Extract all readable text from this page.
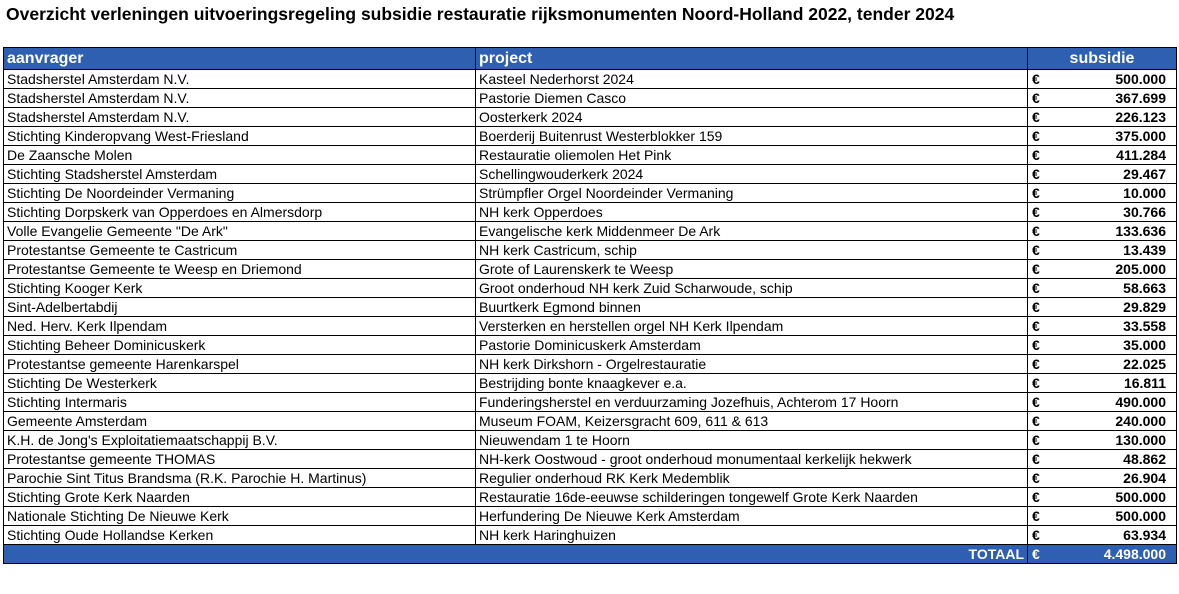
Overzicht verleningen uitvoeringsregeling subsidie restauratie rijksmonumenten Noord-Holland 2022, tender 2024
aanvrager	project	subsidie	
Stadsherstel Amsterdam N.V.	Kasteel Nederhorst 2024	€	500.000
Stadsherstel Amsterdam N.V.	Pastorie Diemen Casco	€	367.699
Stadsherstel Amsterdam N.V.	Oosterkerk 2024	€	226.123
Stichting Kinderopvang West-Friesland	Boerderij Buitenrust Westerblokker 159	€	375.000
De Zaansche Molen	Restauratie oliemolen Het Pink	€	411.284
Stichting Stadsherstel Amsterdam	Schellingwouderkerk 2024	€	29.467
Stichting De Noordeinder Vermaning	Strümpfler Orgel Noordeinder Vermaning	€	10.000
Stichting Dorpskerk van Opperdoes en Almersdorp	NH kerk Opperdoes	€	30.766
Volle Evangelie Gemeente "De Ark"	Evangelische kerk Middenmeer De Ark	€	133.636
Protestantse Gemeente te Castricum	NH kerk Castricum, schip	€	13.439
Protestantse Gemeente te Weesp en Driemond	Grote of Laurenskerk te Weesp	€	205.000
Stichting Kooger Kerk	Groot onderhoud NH kerk Zuid Scharwoude, schip	€	58.663
Sint-Adelbertabdij	Buurtkerk Egmond binnen	€	29.829
Ned. Herv. Kerk Ilpendam	Versterken en herstellen orgel NH Kerk Ilpendam	€	33.558
Stichting Beheer Dominicuskerk	Pastorie Dominicuskerk Amsterdam	€	35.000
Protestantse gemeente Harenkarspel	NH kerk Dirkshorn - Orgelrestauratie	€	22.025
Stichting De Westerkerk	Bestrijding bonte knaagkever e.a.	€	16.811
Stichting Intermaris	Funderingsherstel en verduurzaming Jozefhuis, Achterom 17 Hoorn	€	490.000
Gemeente Amsterdam	Museum FOAM, Keizersgracht 609, 611 & 613	€	240.000
K.H. de Jong's Exploitatiemaatschappij B.V.	Nieuwendam 1 te Hoorn	€	130.000
Protestantse gemeente THOMAS	NH-kerk Oostwoud - groot onderhoud monumentaal kerkelijk hekwerk	€	48.862
Parochie Sint Titus Brandsma (R.K. Parochie H. Martinus)	Regulier onderhoud RK Kerk Medemblik	€	26.904
Stichting Grote Kerk Naarden	Restauratie 16de-eeuwse schilderingen tongewelf Grote Kerk Naarden	€	500.000
Nationale Stichting De Nieuwe Kerk	Herfundering De Nieuwe Kerk Amsterdam	€	500.000
Stichting Oude Hollandse Kerken	NH kerk Haringhuizen	€	63.934
TOTAAL		€	4.498.000
